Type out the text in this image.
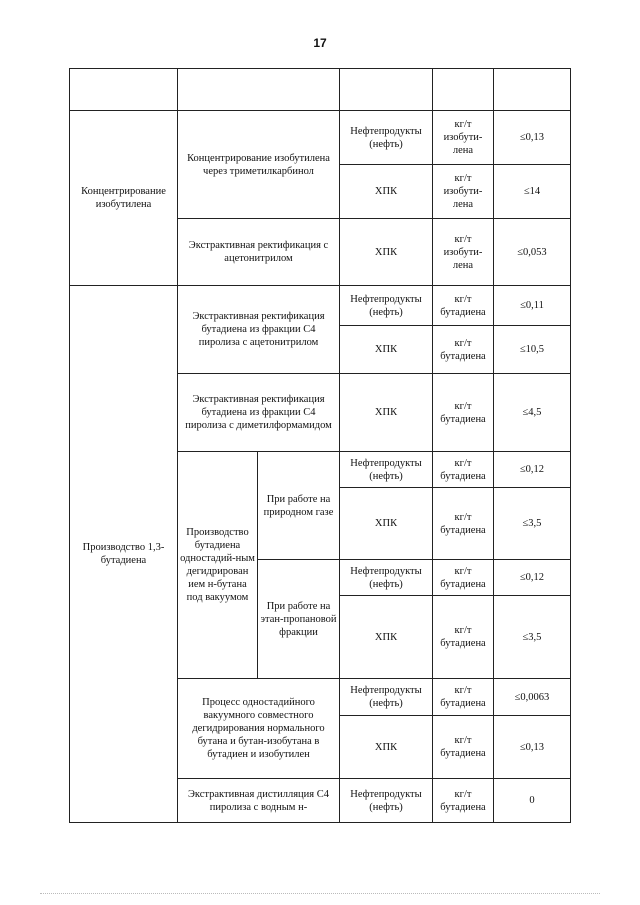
17

Концентрирование изобутилена	Концентрирование изобутилена через триметилкарбинол		Нефтепродукты (нефть)	кг/т изобути-лена	≤0,13
			ХПК	кг/т изобути-лена	≤14
	Экстрактивная ректификация с ацетонитрилом		ХПК	кг/т изобути-лена	≤0,053
Производство 1,3-бутадиена	Экстрактивная ректификация бутадиена из фракции С4 пиролиза с ацетонитрилом		Нефтепродукты (нефть)	кг/т бутадиена	≤0,11
			ХПК	кг/т бутадиена	≤10,5
	Экстрактивная ректификация бутадиена из фракции С4 пиролиза с диметилформамидом		ХПК	кг/т бутадиена	≤4,5
	Производство бутадиена одностадий-ным дегидрирован ием н-бутана под вакуумом	При работе на природном газе	Нефтепродукты (нефть)	кг/т бутадиена	≤0,12
			ХПК	кг/т бутадиена	≤3,5
		При работе на этан-пропановой фракции	Нефтепродукты (нефть)	кг/т бутадиена	≤0,12
			ХПК	кг/т бутадиена	≤3,5
	Процесс одностадийного вакуумного совместного дегидрирования нормального бутана и бутан-изобутана в бутадиен и изобутилен		Нефтепродукты (нефть)	кг/т бутадиена	≤0,0063
			ХПК	кг/т бутадиена	≤0,13
	Экстрактивная дистилляция С4 пиролиза с водным н-		Нефтепродукты (нефть)	кг/т бутадиена	0
